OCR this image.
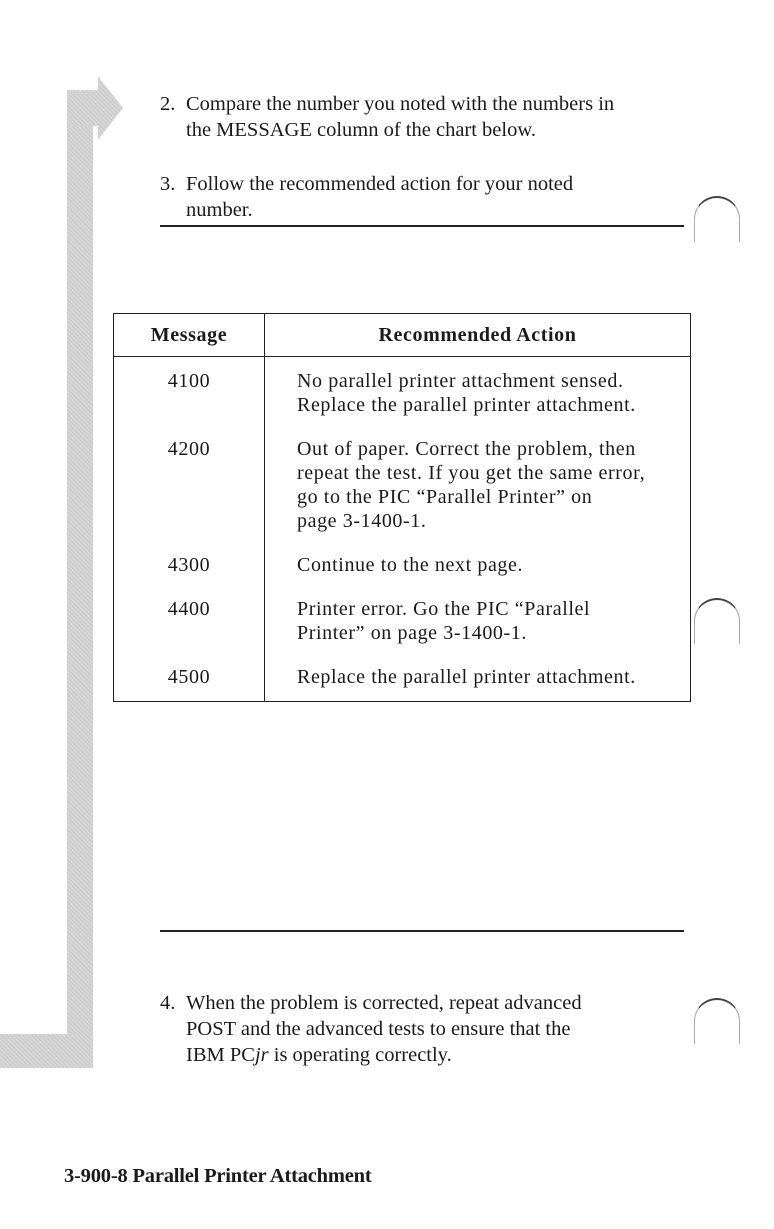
2. Compare the number you noted with the numbers in
the MESSAGE column of the chart below.
3. Follow the recommended action for your noted
number.
Message	Recommended Action
4100	No parallel printer attachment sensed.
Replace the parallel printer attachment.

4200	Out of paper. Correct the problem, then
repeat the test. If you get the same error,
go to the PIC “Parallel Printer” on
page 3-1400-1.

4300	Continue to the next page.

4400	Printer error. Go the PIC “Parallel
Printer” on page 3-1400-1.

4500	Replace the parallel printer attachment.
4. When the problem is corrected, repeat advanced
POST and the advanced tests to ensure that the
IBM PCjr is operating correctly.
3-900-8 Parallel Printer Attachment
